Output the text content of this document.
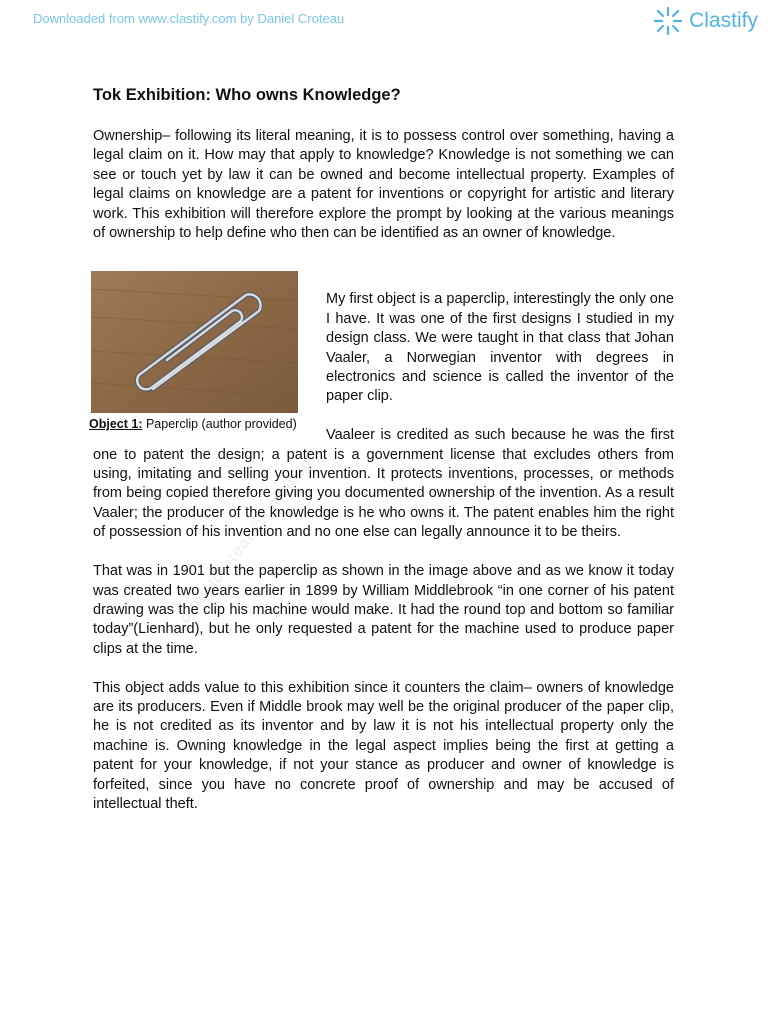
Downloaded from www.clastify.com by Daniel Croteau	Clastify
danielcroteau@gmail.com
Tok Exhibition: Who owns Knowledge?

Ownership– following its literal meaning, it is to possess control over something, having a legal claim on it. How may that apply to knowledge? Knowledge is not something we can see or touch yet by law it can be owned and become intellectual property. Examples of legal claims on knowledge are a patent for inventions or copyright for artistic and literary work. This exhibition will therefore explore the prompt by looking at the various meanings of ownership to help define who then can be identified as an owner of knowledge.

Object 1: Paperclip (author provided)

My first object is a paperclip, interestingly the only one I have. It was one of the first designs I studied in my design class. We were taught in that class that Johan Vaaler, a Norwegian inventor with degrees in electronics and science is called the inventor of the paper clip.

Vaaleer is credited as such because he was the first one to patent the design; a patent is a government license that excludes others from using, imitating and selling your invention. It protects inventions, processes, or methods from being copied therefore giving you documented ownership of the invention. As a result Vaaler; the producer of the knowledge is he who owns it. The patent enables him the right of possession of his invention and no one else can legally announce it to be theirs.

That was in 1901 but the paperclip as shown in the image above and as we know it today was created two years earlier in 1899 by William Middlebrook “in one corner of his patent drawing was the clip his machine would make. It had the round top and bottom so familiar today”(Lienhard), but he only requested a patent for the machine used to produce paper clips at the time.

This object adds value to this exhibition since it counters the claim– owners of knowledge are its producers. Even if Middle brook may well be the original producer of the paper clip, he is not credited as its inventor and by law it is not his intellectual property only the machine is. Owning knowledge in the legal aspect implies being the first at getting a patent for your knowledge, if not your stance as producer and owner of knowledge is forfeited, since you have no concrete proof of ownership and may be accused of intellectual theft.
